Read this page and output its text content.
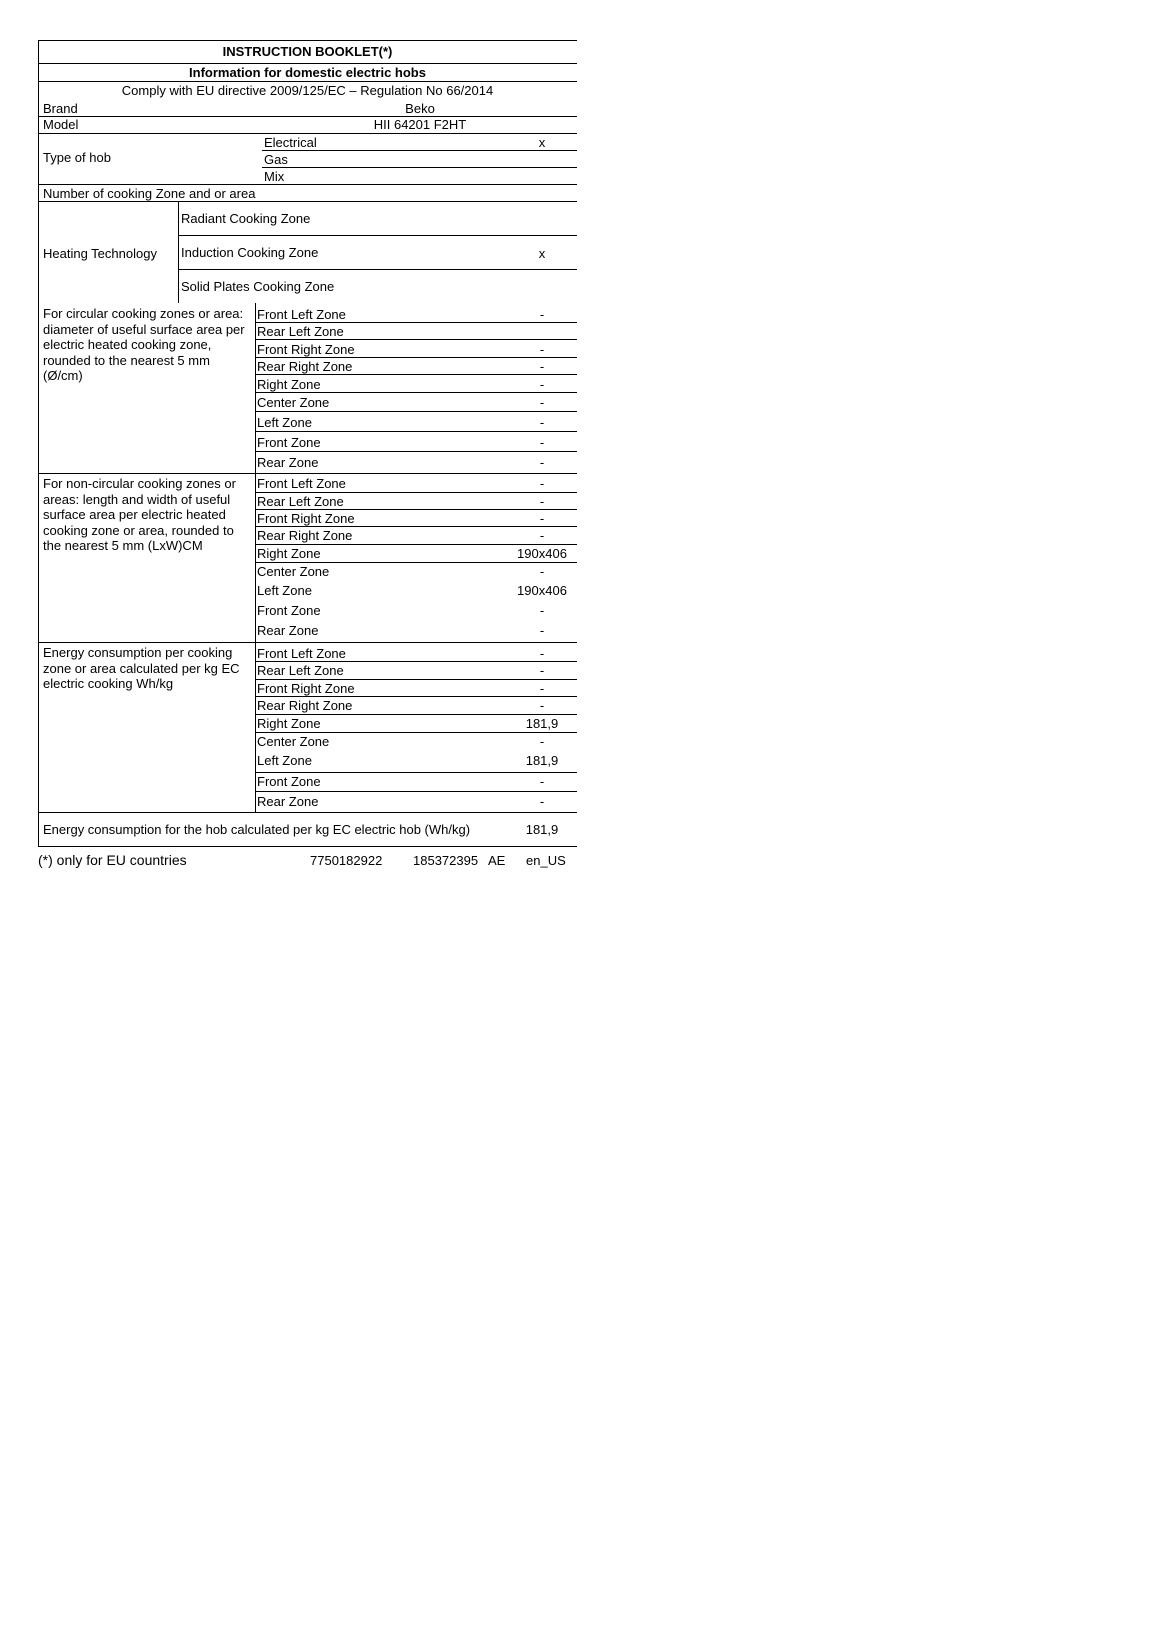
INSTRUCTION BOOKLET(*)
Information for domestic electric hobs
Comply with EU directive 2009/125/EC – Regulation No 66/2014
Brand	Beko
Model	HII 64201 F2HT
Type of hob
Electrical	x
Gas
Mix
Number of cooking Zone and or area
Heating Technology
Radiant Cooking Zone
Induction Cooking Zone	x
Solid Plates Cooking Zone
For circular cooking zones or area: diameter of useful surface area per electric heated cooking zone, rounded to the nearest 5 mm (Ø/cm)
Front Left Zone	-
Rear Left Zone
Front Right Zone	-
Rear Right Zone	-
Right Zone	-
Center Zone	-
Left Zone	-
Front Zone	-
Rear Zone	-
For non-circular cooking zones or areas: length and width of useful surface area per electric heated cooking zone or area, rounded to the nearest 5 mm (LxW)CM
Front Left Zone	-
Rear Left Zone	-
Front Right Zone	-
Rear Right Zone	-
Right Zone	190x406
Center Zone	-
Left Zone	190x406
Front Zone	-
Rear Zone	-
Energy consumption per cooking zone or area calculated per kg EC electric cooking Wh/kg
Front Left Zone	-
Rear Left Zone	-
Front Right Zone	-
Rear Right Zone	-
Right Zone	181,9
Center Zone	-
Left Zone	181,9
Front Zone	-
Rear Zone	-
Energy consumption for the hob calculated per kg EC electric hob (Wh/kg)	181,9
(*) only for EU countries	7750182922 185372395 AE en_US
